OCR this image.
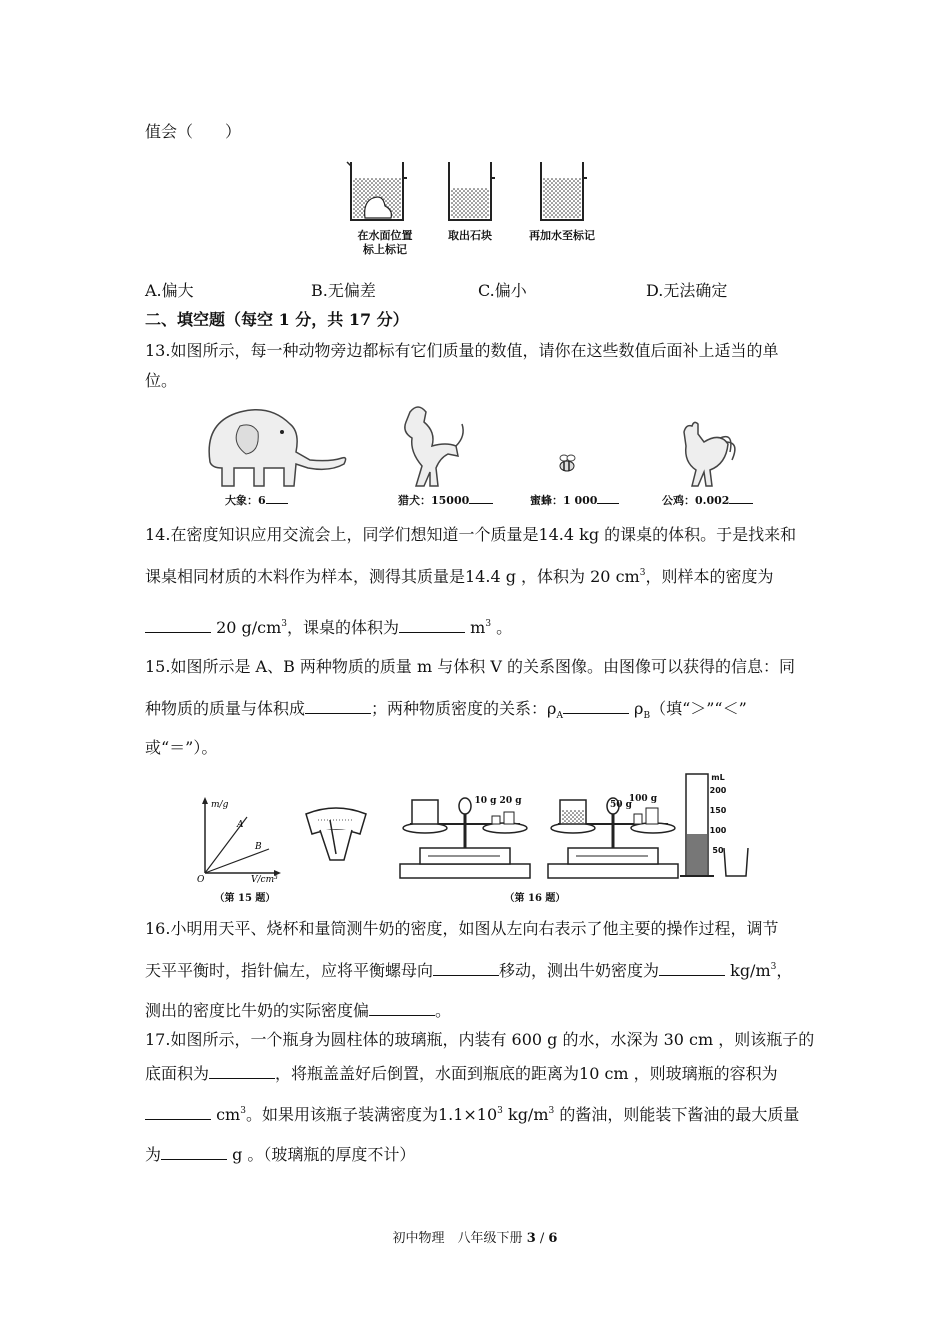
值会（　　）
在水面位置
标上标记
取出石块	再加水至标记
A.偏大	B.无偏差	C.偏小	D.无法确定
二、填空题（每空 1 分，共 17 分）
13.如图所示，每一种动物旁边都标有它们质量的数值，请你在这些数值后面补上适当的单
位。
大象：6	猎犬：15000	蜜蜂：1 000	公鸡：0.002
14.在密度知识应用交流会上，同学们想知道一个质量是14.4 kg 的课桌的体积。于是找来和
课桌相同材质的木料作为样本，测得其质量是14.4 g ，体积为 20 $cm^3$，则样本的密度为
20 $g/cm^3$，课桌的体积为	$m^3$ 。
15.如图所示是 A、B 两种物质的质量 m 与体积 V 的关系图像。由图像可以获得的信息：同
种物质的质量与体积成	；两种物质密度的关系：$\rho_A$	$\rho_B$（填“＞”“＜”
或“＝”）。
m/g
V/cm³
O
A
B
（第 15 题）
10 g 20 g	50 g
100 g
mL
200
150
100
50
（第 16 题）
16.小明用天平、烧杯和量筒测牛奶的密度，如图从左向右表示了他主要的操作过程，调节
天平平衡时，指针偏左，应将平衡螺母向	移动，测出牛奶密度为	$kg/m^3$，
测出的密度比牛奶的实际密度偏	。
17.如图所示，一个瓶身为圆柱体的玻璃瓶，内装有 600 g 的水，水深为 30 cm ，则该瓶子的
底面积为	，将瓶盖盖好后倒置，水面到瓶底的距离为10 cm ，则玻璃瓶的容积为
$cm^3$。如果用该瓶子装满密度为$1.1\times 10^3$ $kg/m^3$ 的酱油，则能装下酱油的最大质量
为	g 。（玻璃瓶的厚度不计）
初中物理　八年级下册 3 / 6
